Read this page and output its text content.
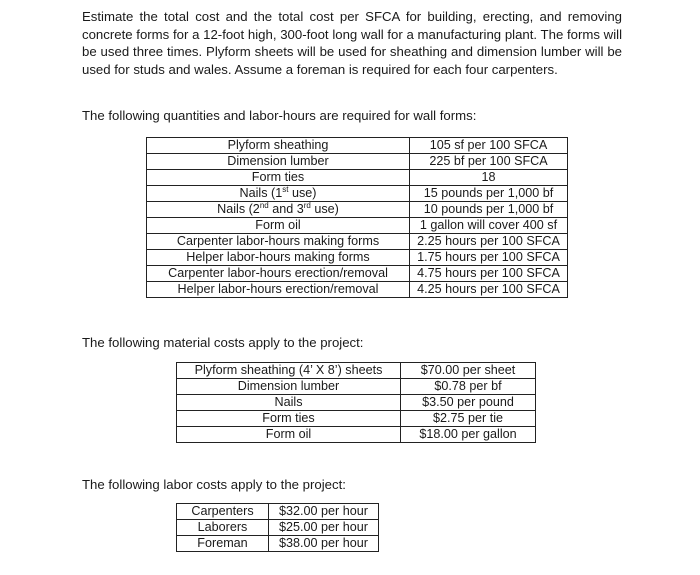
Estimate the total cost and the total cost per SFCA for building, erecting, and removing concrete forms for a 12-foot high, 300-foot long wall for a manufacturing plant. The forms will be used three times. Plyform sheets will be used for sheathing and dimension lumber will be used for studs and wales. Assume a foreman is required for each four carpenters.

The following quantities and labor-hours are required for wall forms:

Plyform sheathing	105 sf per 100 SFCA
Dimension lumber	225 bf per 100 SFCA
Form ties	18
Nails (1st use)	15 pounds per 1,000 bf
Nails (2nd and 3rd use)	10 pounds per 1,000 bf
Form oil	1 gallon will cover 400 sf
Carpenter labor-hours making forms	2.25 hours per 100 SFCA
Helper labor-hours making forms	1.75 hours per 100 SFCA
Carpenter labor-hours erection/removal	4.75 hours per 100 SFCA
Helper labor-hours erection/removal	4.25 hours per 100 SFCA

The following material costs apply to the project:

Plyform sheathing (4’ X 8’) sheets	$70.00 per sheet
Dimension lumber	$0.78 per bf
Nails	$3.50 per pound
Form ties	$2.75 per tie
Form oil	$18.00 per gallon

The following labor costs apply to the project:

Carpenters	$32.00 per hour
Laborers	$25.00 per hour
Foreman	$38.00 per hour
